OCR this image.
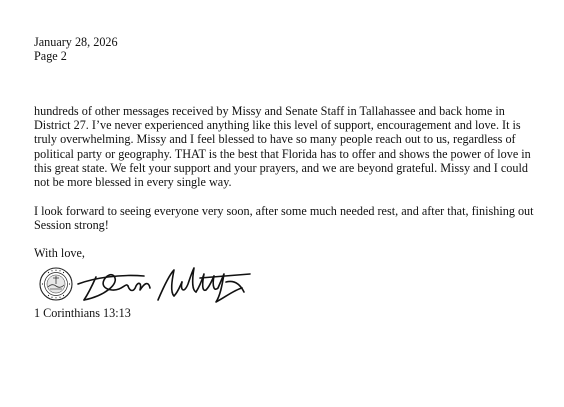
January 28, 2026
Page 2

hundreds of other messages received by Missy and Senate Staff in Tallahassee and back home in District 27. I’ve never experienced anything like this level of support, encouragement and love. It is truly overwhelming. Missy and I feel blessed to have so many people reach out to us, regardless of political party or geography. THAT is the best that Florida has to offer and shows the power of love in this great state. We felt your support and your prayers, and we are beyond grateful. Missy and I could not be more blessed in every single way.

I look forward to seeing everyone very soon, after some much needed rest, and after that, finishing out Session strong!

With love,
1 Corinthians 13:13
